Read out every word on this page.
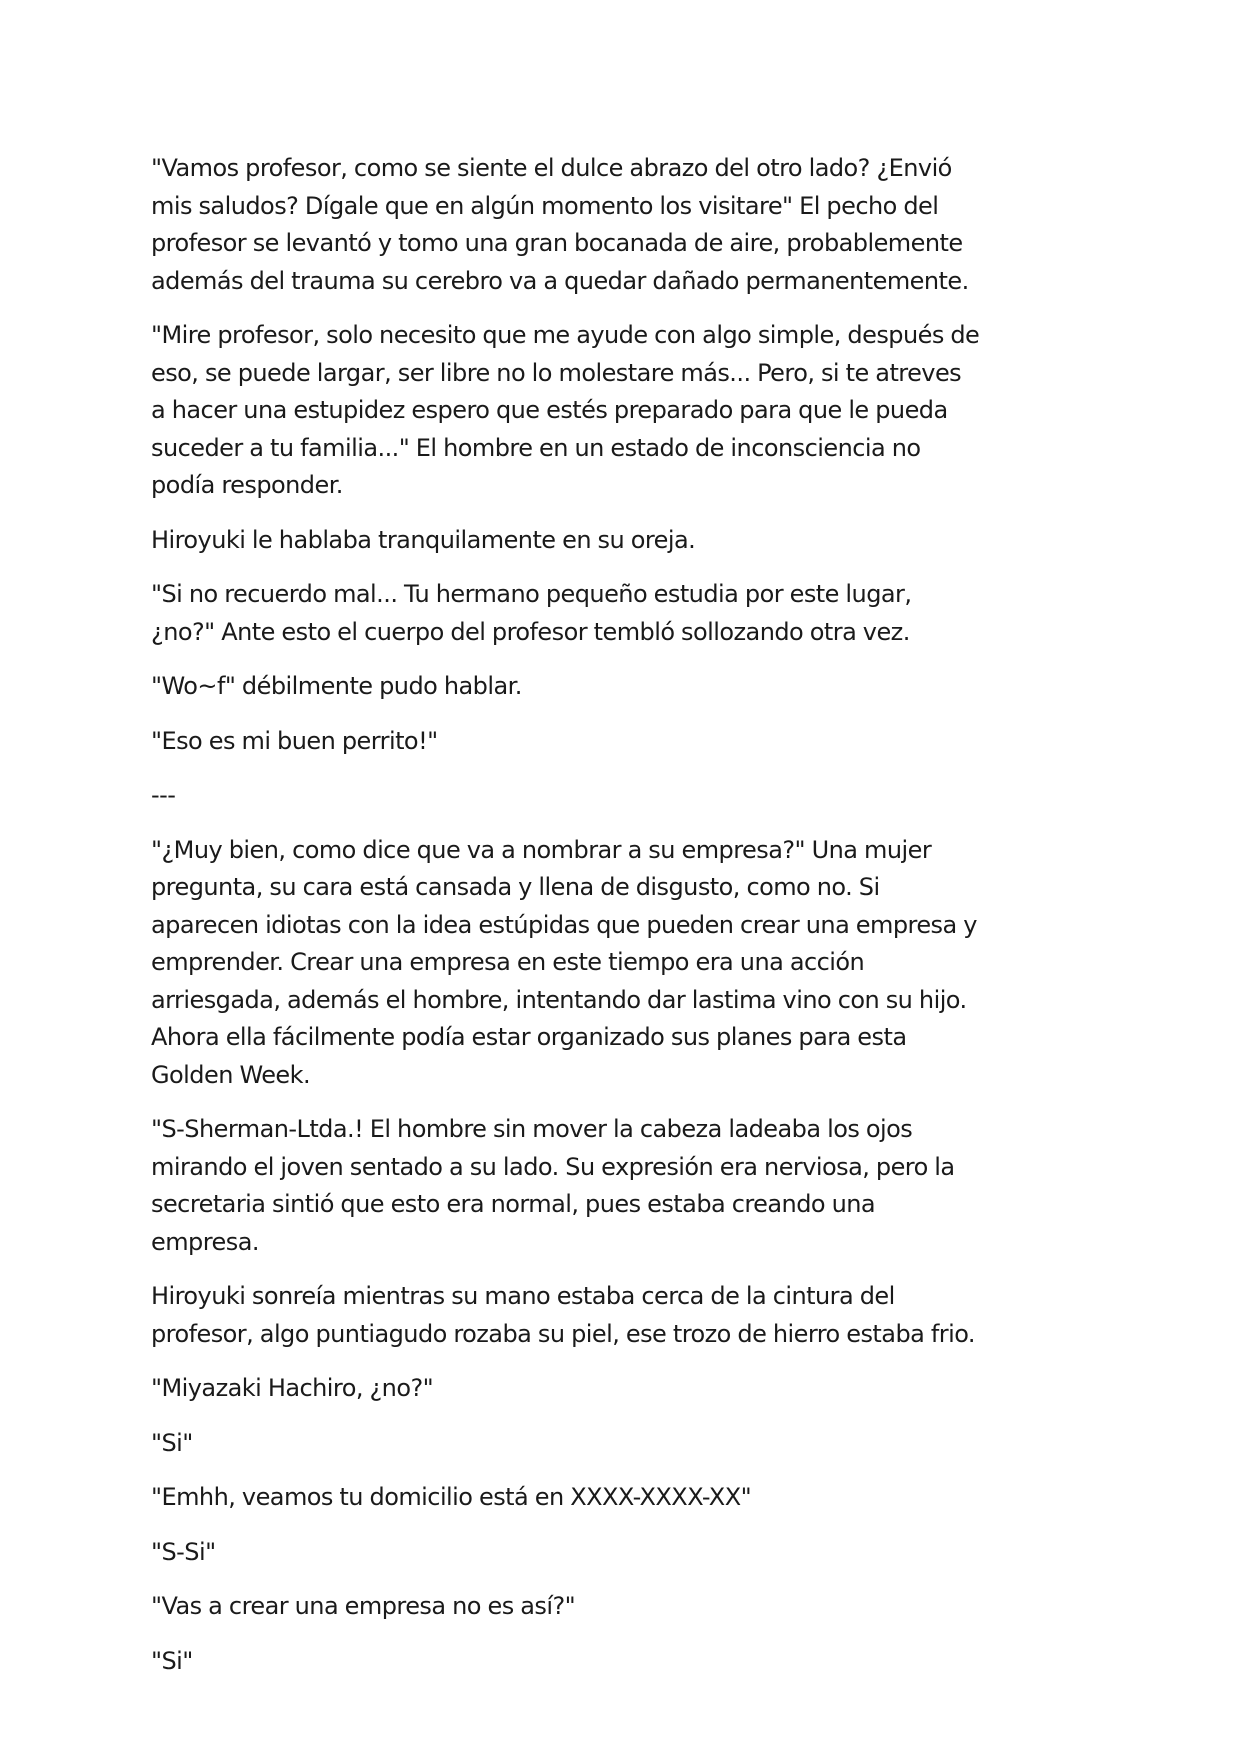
"Vamos profesor, como se siente el dulce abrazo del otro lado? ¿Envió mis saludos? Dígale que en algún momento los visitare" El pecho del profesor se levantó y tomo una gran bocanada de aire, probablemente además del trauma su cerebro va a quedar dañado permanentemente.

"Mire profesor, solo necesito que me ayude con algo simple, después de eso, se puede largar, ser libre no lo molestare más... Pero, si te atreves a hacer una estupidez espero que estés preparado para que le pueda suceder a tu familia..." El hombre en un estado de inconsciencia no podía responder.

Hiroyuki le hablaba tranquilamente en su oreja.

"Si no recuerdo mal... Tu hermano pequeño estudia por este lugar, ¿no?" Ante esto el cuerpo del profesor tembló sollozando otra vez.

"Wo~f" débilmente pudo hablar.

"Eso es mi buen perrito!"

---

"¿Muy bien, como dice que va a nombrar a su empresa?" Una mujer pregunta, su cara está cansada y llena de disgusto, como no. Si aparecen idiotas con la idea estúpidas que pueden crear una empresa y emprender. Crear una empresa en este tiempo era una acción arriesgada, además el hombre, intentando dar lastima vino con su hijo. Ahora ella fácilmente podía estar organizado sus planes para esta Golden Week.

"S-Sherman-Ltda.! El hombre sin mover la cabeza ladeaba los ojos mirando el joven sentado a su lado. Su expresión era nerviosa, pero la secretaria sintió que esto era normal, pues estaba creando una empresa.

Hiroyuki sonreía mientras su mano estaba cerca de la cintura del profesor, algo puntiagudo rozaba su piel, ese trozo de hierro estaba frio.

"Miyazaki Hachiro, ¿no?"

"Si"

"Emhh, veamos tu domicilio está en XXXX-XXXX-XX"

"S-Si"

"Vas a crear una empresa no es así?"

"Si"
